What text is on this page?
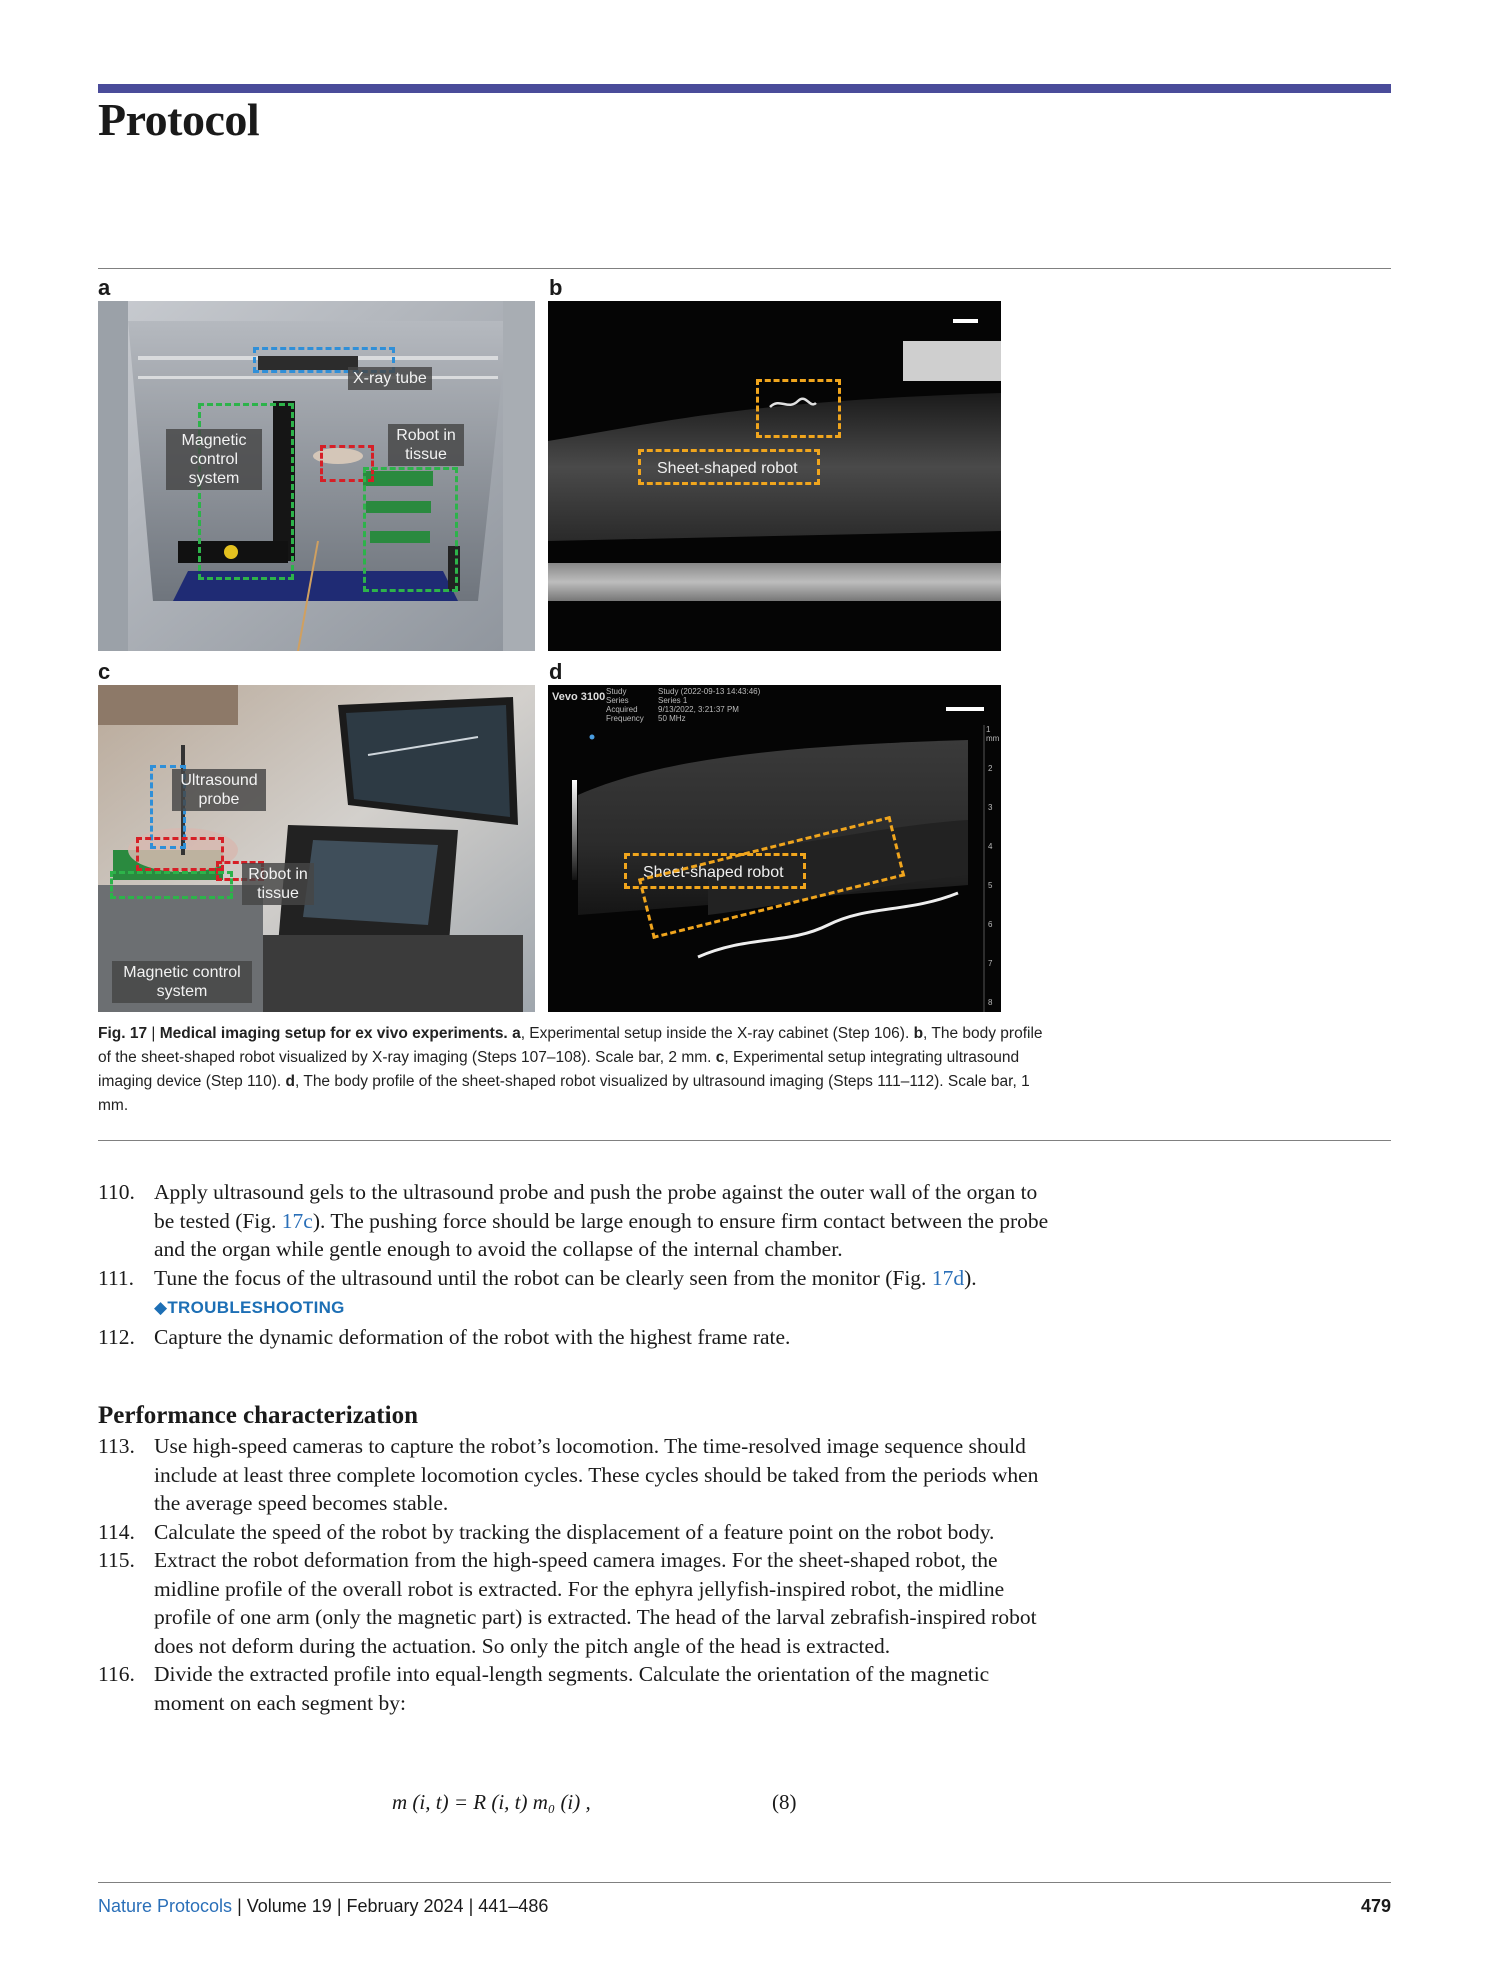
Protocol
a	b
c	d
X-ray tube
Robot in tissue
Magnetic control system
Sheet-shaped robot
Ultrasound probe
Robot in tissue
Magnetic control system
Vevo 3100 Study
Series
Acquired
Frequency
Study (2022-09-13 14:43:46)
Series 1
9/13/2022, 3:21:37 PM
50 MHz
1 mm
2
3
4
5
6
7
8
Sheet-shaped robot
Fig. 17 | Medical imaging setup for ex vivo experiments. a, Experimental setup inside the X-ray cabinet (Step 106). b, The body profile of the sheet-shaped robot visualized by X-ray imaging (Steps 107–108). Scale bar, 2 mm. c, Experimental setup integrating ultrasound imaging device (Step 110). d, The body profile of the sheet-shaped robot visualized by ultrasound imaging (Steps 111–112). Scale bar, 1 mm.
110. Apply ultrasound gels to the ultrasound probe and push the probe against the outer wall of the organ to be tested (Fig. 17c). The pushing force should be large enough to ensure firm contact between the probe and the organ while gentle enough to avoid the collapse of the internal chamber.
111. Tune the focus of the ultrasound until the robot can be clearly seen from the monitor (Fig. 17d).
◆TROUBLESHOOTING
112. Capture the dynamic deformation of the robot with the highest frame rate.
Performance characterization
113. Use high-speed cameras to capture the robot’s locomotion. The time-resolved image sequence should include at least three complete locomotion cycles. These cycles should be taked from the periods when the average speed becomes stable.
114. Calculate the speed of the robot by tracking the displacement of a feature point on the robot body.
115. Extract the robot deformation from the high-speed camera images. For the sheet-shaped robot, the midline profile of the overall robot is extracted. For the ephyra jellyfish-inspired robot, the midline profile of one arm (only the magnetic part) is extracted. The head of the larval zebrafish-inspired robot does not deform during the actuation. So only the pitch angle of the head is extracted.
116. Divide the extracted profile into equal-length segments. Calculate the orientation of the magnetic moment on each segment by:
m (i, t) = R (i, t) m₀ (i) ,	(8)
Nature Protocols | Volume 19 | February 2024 | 441–486	479
